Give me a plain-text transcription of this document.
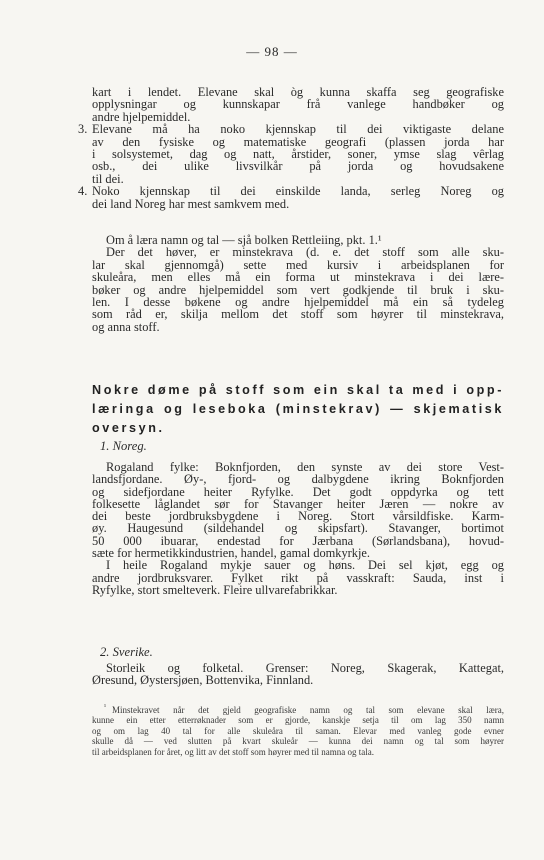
— 98 —
kart i lendet. Elevane skal òg kunna skaffa seg geografiske
opplysningar og kunnskapar frå vanlege handbøker og
andre hjelpemiddel.
3. Elevane må ha noko kjennskap til dei viktigaste delane
av den fysiske og matematiske geografi (plassen jorda har
i solsystemet, dag og natt, årstider, soner, ymse slag vêrlag
osb., dei ulike livsvilkår på jorda og hovudsakene
til dei.
4. Noko kjennskap til dei einskilde landa, serleg Noreg og
dei land Noreg har mest samkvem med.
Om å læra namn og tal — sjå bolken Rettleiing, pkt. 1.¹
Der det høver, er minstekrava (d. e. det stoff som alle sku-
lar skal gjennomgå) sette med kursiv i arbeidsplanen for
skuleåra, men elles må ein forma ut minstekrava i dei lære-
bøker og andre hjelpemiddel som vert godkjende til bruk i sku-
len. I desse bøkene og andre hjelpemiddel må ein så tydeleg
som råd er, skilja mellom det stoff som høyrer til minstekrava,
og anna stoff.
Nokre døme på stoff som ein skal ta med i opp-
læringa og leseboka (minstekrav) — skjematisk
oversyn.
1. Noreg.
Rogaland fylke: Boknfjorden, den synste av dei store Vest-
landsfjordane. Øy-, fjord- og dalbygdene ikring Boknfjorden
og sidefjordane heiter Ryfylke. Det godt oppdyrka og tett
folkesette låglandet sør for Stavanger heiter Jæren — nokre av
dei beste jordbruksbygdene i Noreg. Stort vårsildfiske. Karm-
øy. Haugesund (sildehandel og skipsfart). Stavanger, bortimot
50 000 ibuarar, endestad for Jærbana (Sørlandsbana), hovud-
sæte for hermetikkindustrien, handel, gamal domkyrkje.
I heile Rogaland mykje sauer og høns. Dei sel kjøt, egg og
andre jordbruksvarer. Fylket rikt på vasskraft: Sauda, inst i
Ryfylke, stort smelteverk. Fleire ullvarefabrikkar.
2. Sverike.
Storleik og folketal. Grenser: Noreg, Skagerak, Kattegat,
Øresund, Øystersjøen, Bottenvika, Finnland.
¹ Minstekravet når det gjeld geografiske namn og tal som elevane skal læra,
kunne ein etter etterrøknader som er gjorde, kanskje setja til om lag 350 namn
og om lag 40 tal for alle skuleåra til saman. Elevar med vanleg gode evner
skulle då — ved slutten på kvart skuleår — kunna dei namn og tal som høyrer
til arbeidsplanen for året, og litt av det stoff som høyrer med til namna og tala.
